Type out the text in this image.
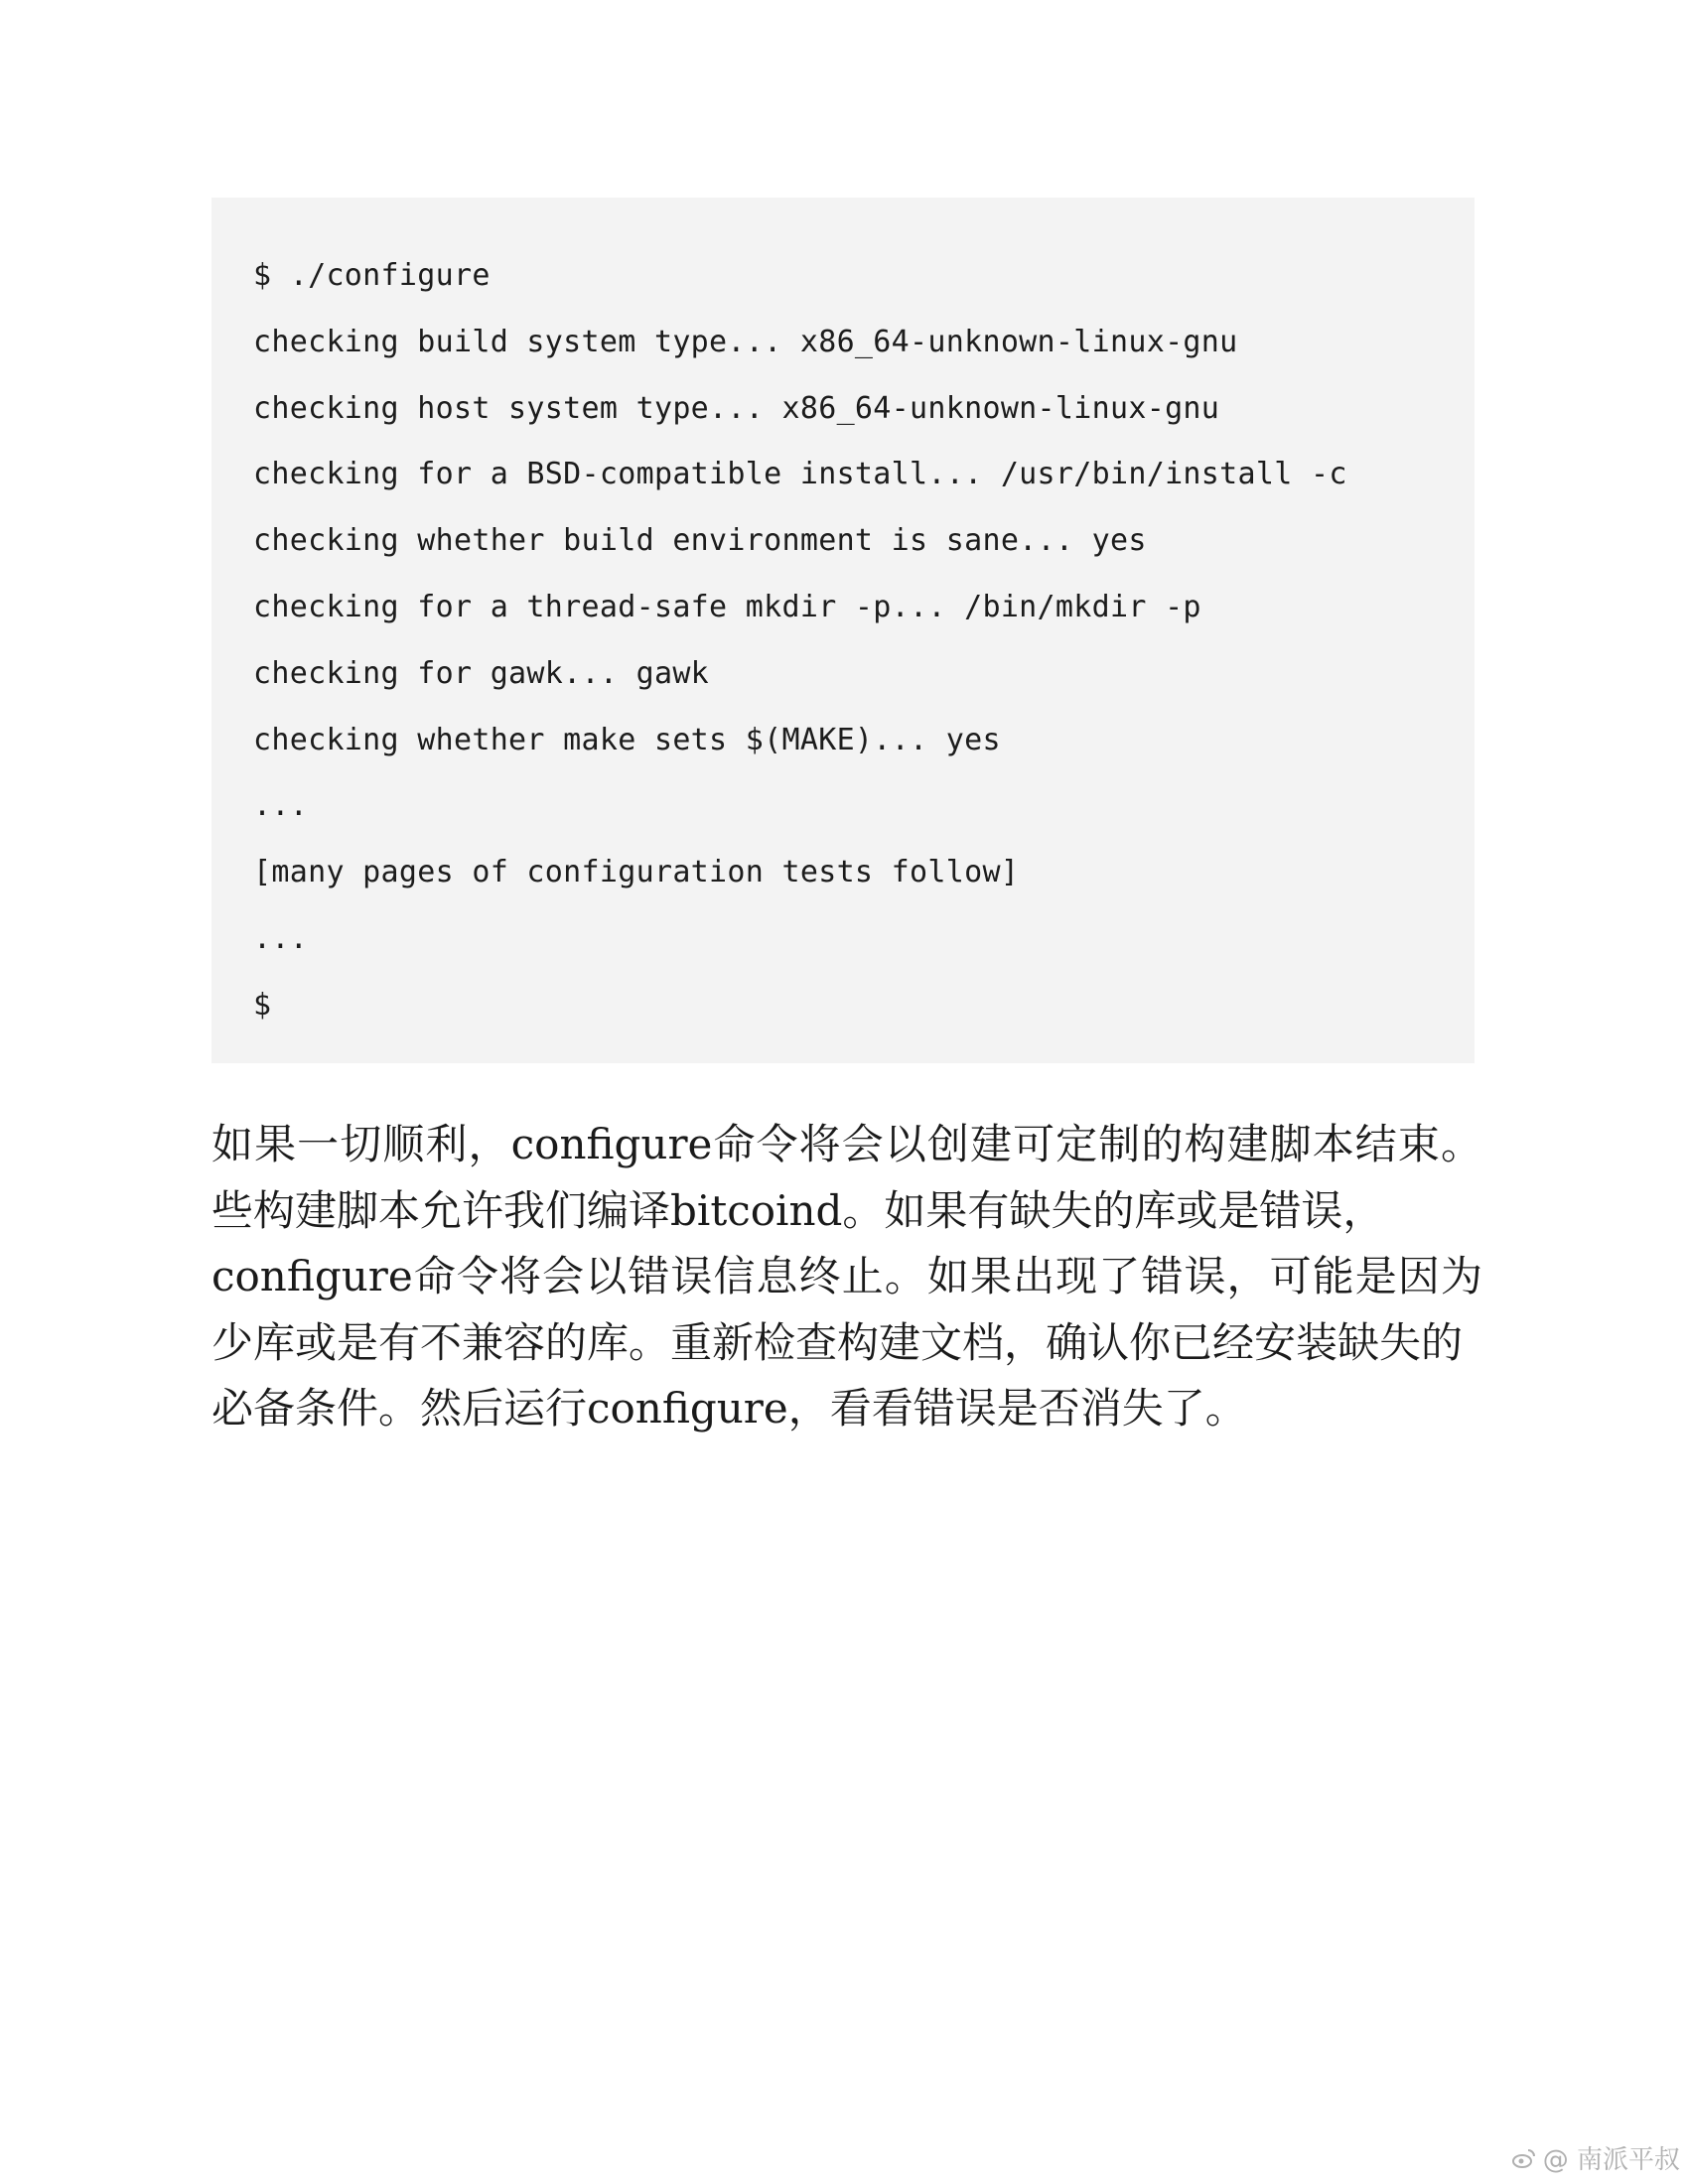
$ ./configure
checking build system type... x86_64-unknown-linux-gnu
checking host system type... x86_64-unknown-linux-gnu
checking for a BSD-compatible install... /usr/bin/install -c
checking whether build environment is sane... yes
checking for a thread-safe mkdir -p... /bin/mkdir -p
checking for gawk... gawk
checking whether make sets $(MAKE)... yes
...
[many pages of configuration tests follow]
...
$
如果一切顺利，configure命令将会以创建可定制的构建脚本结束。
些构建脚本允许我们编译bitcoind。如果有缺失的库或是错误，
configure命令将会以错误信息终止。如果出现了错误，可能是因为
少库或是有不兼容的库。重新检查构建文档，确认你已经安装缺失的
必备条件。然后运行configure，看看错误是否消失了。
@ 南派平叔
